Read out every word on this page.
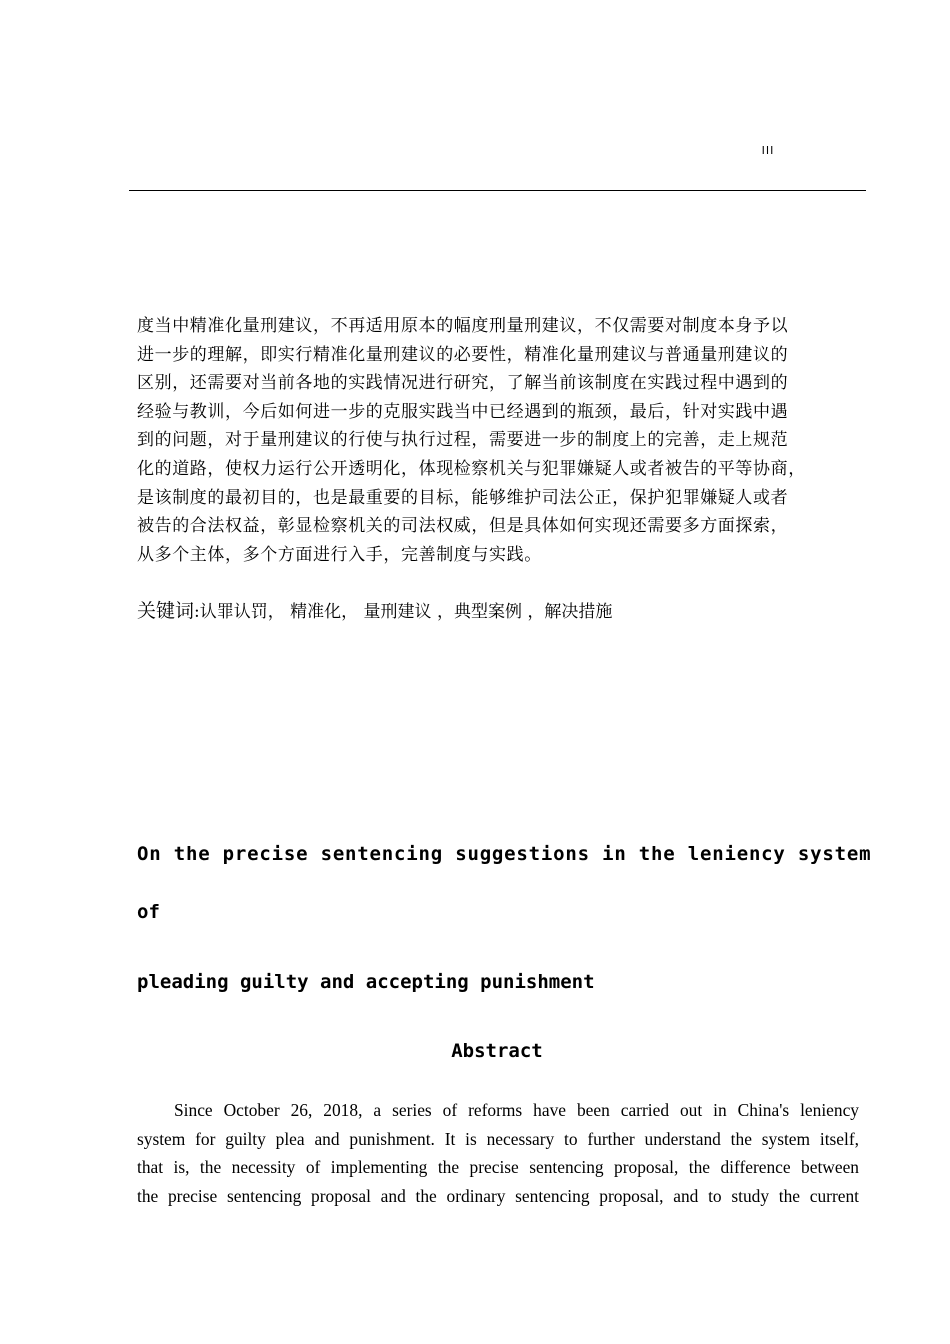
III

度当中精准化量刑建议，不再适用原本的幅度刑量刑建议，不仅需要对制度本身予以
进一步的理解，即实行精准化量刑建议的必要性，精准化量刑建议与普通量刑建议的
区别，还需要对当前各地的实践情况进行研究，了解当前该制度在实践过程中遇到的
经验与教训，今后如何进一步的克服实践当中已经遇到的瓶颈，最后，针对实践中遇
到的问题，对于量刑建议的行使与执行过程，需要进一步的制度上的完善，走上规范
化的道路，使权力运行公开透明化，体现检察机关与犯罪嫌疑人或者被告的平等协商，
是该制度的最初目的，也是最重要的目标，能够维护司法公正，保护犯罪嫌疑人或者
被告的合法权益，彰显检察机关的司法权威，但是具体如何实现还需要多方面探索，
从多个主体，多个方面进行入手，完善制度与实践。

关键词:认罪认罚， 精准化， 量刑建议 ，典型案例 ，解决措施
On the precise sentencing suggestions in the leniency system
of
pleading guilty and accepting punishment
Abstract

Since October 26, 2018, a series of reforms have been carried out in China's leniency
system for guilty plea and punishment. It is necessary to further understand the system itself,
that is, the necessity of implementing the precise sentencing proposal, the difference between
the precise sentencing proposal and the ordinary sentencing proposal, and to study the current
